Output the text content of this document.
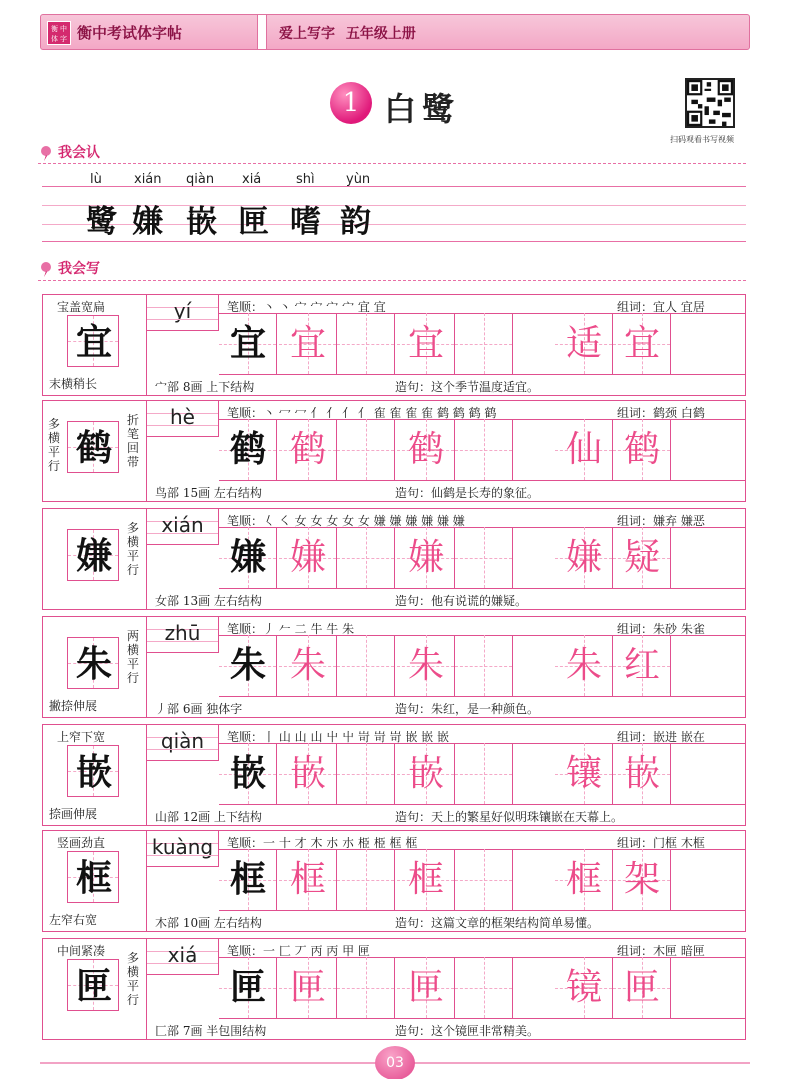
衡 中
体 字 衡中考试体字帖	爱上写字 五年级上册
1 白鹭
扫码观看书写视频
我会认
lù xián qiàn xiá	shì yùn
鹭 嫌 嵌 匣 嗜 韵
我会写
宝盖宽扁
末横稍长
宜
yí	笔顺：丶 丶 宀 宀 宀 宀 宜 宜	组词：宜人 宜居
宜 宜	宜	适 宜
宀部 8画 上下结构	造句：这个季节温度适宜。
多横平行
折笔回带
鹤
hè	笔顺：丶 冖 冖 亻 亻 亻 亻 隺 隺 隺 隺 鹤 鹤 鹤 鹤	组词：鹤颈 白鹤
鹤 鹤	鹤	仙 鹤
鸟部 15画 左右结构	造句：仙鹤是长寿的象征。
多横平行
嫌
xián	笔顺：𡿨 ㇛ 女 女 女 女 女 嫌 嫌 嫌 嫌 嫌 嫌	组词：嫌弃 嫌恶
嫌 嫌	嫌	嫌 疑
女部 13画 左右结构	造句：他有说谎的嫌疑。
撇捺伸展
两横平行
朱
zhū	笔顺：丿 𠂉 二 牛 牛 朱	组词：朱砂 朱雀
朱 朱	朱	朱 红
丿部 6画 独体字	造句：朱红，是一种颜色。
上窄下宽
捺画伸展
嵌
qiàn	笔顺：丨 山 山 山 屮 屮 岢 岢 岢 嵌 嵌 嵌	组词：嵌进 嵌在
嵌 嵌	嵌	镶 嵌
山部 12画 上下结构	造句：天上的繁星好似明珠镶嵌在天幕上。
竖画劲直
左窄右宽
框
kuàng	笔顺：一 十 才 木 朩 朩 栕 栕 框 框	组词：门框 木框
框 框	框	框 架
木部 10画 左右结构	造句：这篇文章的框架结构简单易懂。
中间紧凑 多横平行
匣
xiá	笔顺：一 匚 丆 丙 丙 甲 匣	组词：木匣 暗匣
匣 匣	匣	镜 匣
匚部 7画 半包围结构	造句：这个镜匣非常精美。
03
